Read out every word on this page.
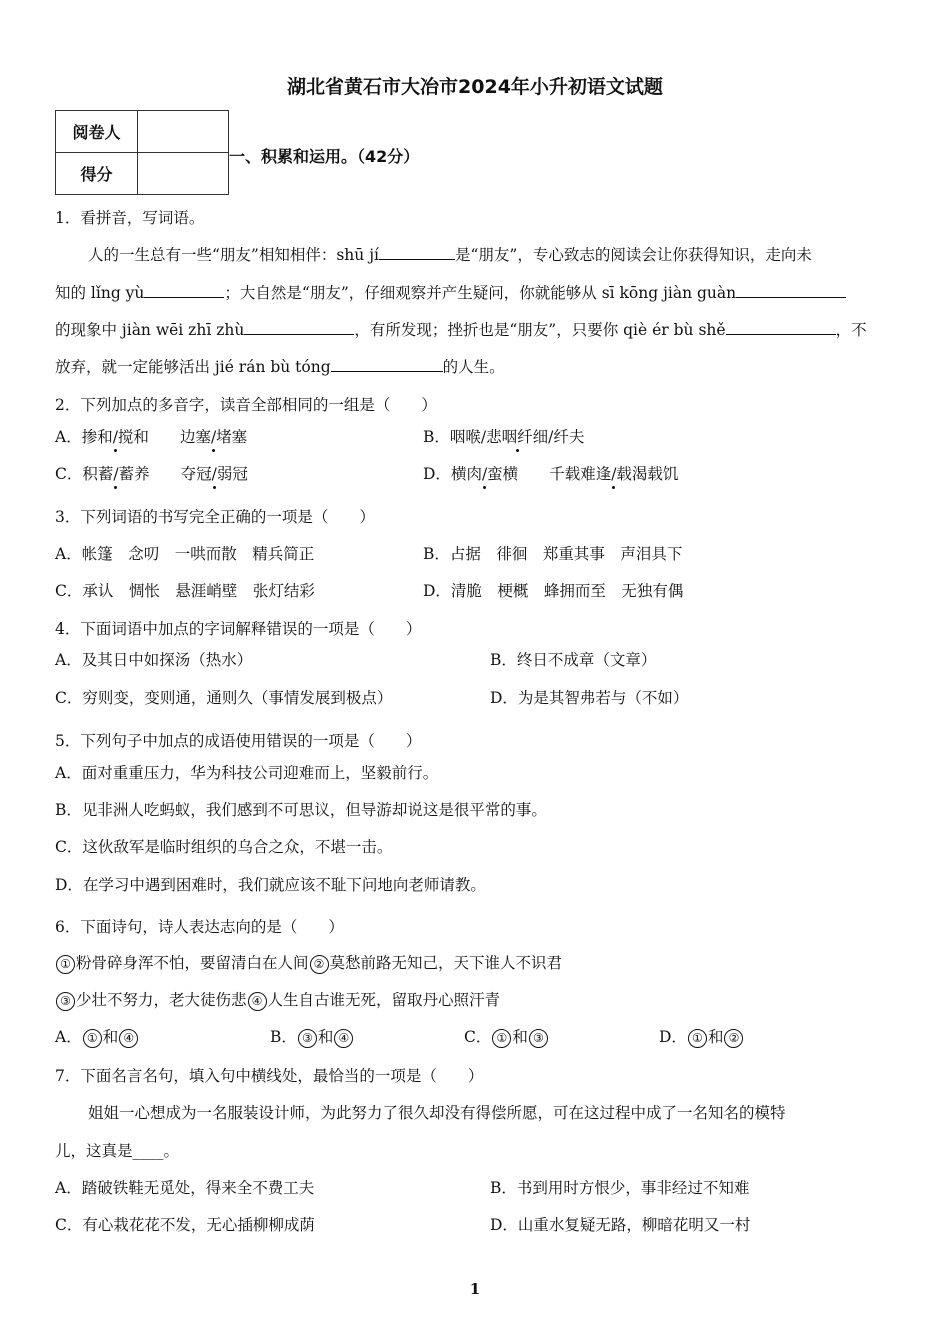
湖北省黄石市大冶市2024年小升初语文试题
阅卷人	
得分	
一、积累和运用。（42分）
1．看拼音，写词语。
人的一生总有一些“朋友”相知相伴：shū jí	是“朋友”，专心致志的阅读会让你获得知识，走向未
知的 lǐng yù	；大自然是“朋友”，仔细观察并产生疑问，你就能够从 sī kōng jiàn guàn
的现象中 jiàn wēi zhī zhù	，有所发现；挫折也是“朋友”，只要你 qiè ér bù shě	，不
放弃，就一定能够活出 jié rán bù tóng	的人生。
2．下列加点的多音字，读音全部相同的一组是（　　）
A．掺和/搅和　　 边塞/堵塞	B．咽喉/悲咽纤细/纤夫
C．积蓄/蓄养　　 夺冠/弱冠	D．横肉/蛮横　　 千载难逢/载渴载饥
3．下列词语的书写完全正确的一项是（　　）
A．帐篷　念叨　一哄而散　精兵简正	B．占据　徘徊　郑重其事　声泪具下
C．承认　惆怅　悬涯峭壁　张灯结彩	D．清脆　梗概　蜂拥而至　无独有偶
4．下面词语中加点的字词解释错误的一项是（　　）
A．及其日中如探汤（热水）	B．终日不成章（文章）
C．穷则变，变则通，通则久（事情发展到极点）	D．为是其智弗若与（不如）
5．下列句子中加点的成语使用错误的一项是（　　）
A．面对重重压力，华为科技公司迎难而上，坚毅前行。
B．见非洲人吃蚂蚁，我们感到不可思议，但导游却说这是很平常的事。
C．这伙敌军是临时组织的乌合之众，不堪一击。
D．在学习中遇到困难时，我们就应该不耻下问地向老师请教。
6．下面诗句，诗人表达志向的是（　　）
① 粉骨碎身浑不怕，要留清白在人间 ② 莫愁前路无知己，天下谁人不识君
③ 少壮不努力，老大徒伤悲 ④ 人生自古谁无死，留取丹心照汗青
A． ① 和 ④	B． ③ 和 ④	C． ① 和 ③	D． ① 和 ②
7．下面名言名句，填入句中横线处，最恰当的一项是（　　）
姐姐一心想成为一名服装设计师，为此努力了很久却没有得偿所愿，可在这过程中成了一名知名的模特
儿，这真是____。
A．踏破铁鞋无觅处，得来全不费工夫	B．书到用时方恨少，事非经过不知难
C．有心栽花花不发，无心插柳柳成荫	D．山重水复疑无路，柳暗花明又一村
1
